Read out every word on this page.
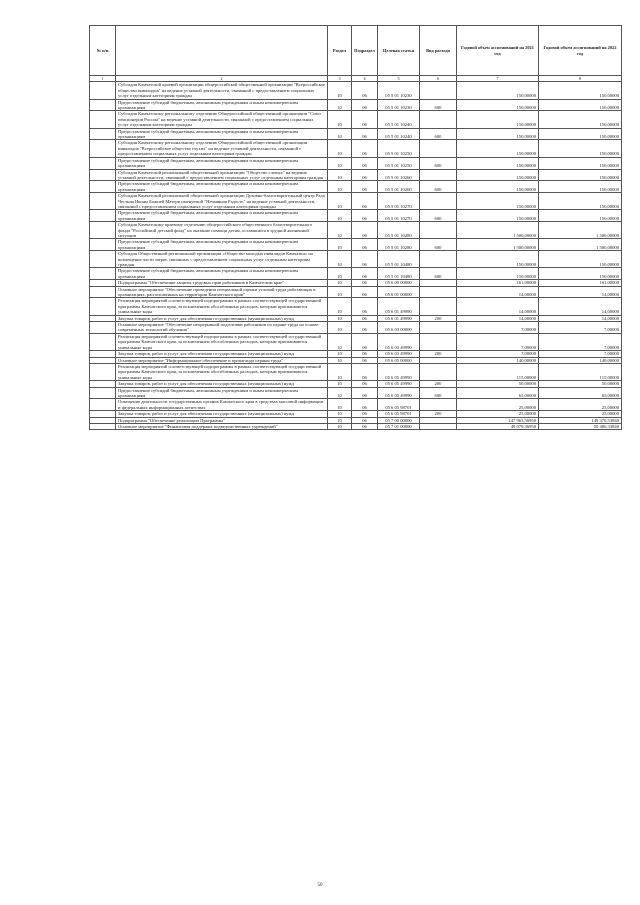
№ п/п		Раздел	Подраздел	Целевая статья	Вид расхода	Годовой объем ассигнований на 2021 год	Годовой объем ассигнований на 2022 год
1	2	3	4	5	6	7	8
	Субсидия Камчатской краевой организации общероссийской общественной организации "Всероссийское общество инвалидов" на ведение уставной деятельности, связанной с предоставлением социальных услуг отдельным категориям граждан	10	06	05 5 01 10230		150,00000	150,00000
	Предоставление субсидий бюджетным, автономным учреждениям и иным некоммерческим организациям	10	06	05 5 01 10230	600	150,00000	150,00000
	Субсидия Камчатскому региональному отделению Общероссийской общественной организации "Союз пенсионеров России" на ведение уставной деятельности, связанной с предоставлением социальных услуг отдельным категориям граждан	10	06	05 5 01 10240		150,00000	150,00000
	Предоставление субсидий бюджетным, автономным учреждениям и иным некоммерческим организациям	10	06	05 5 01 10240	600	150,00000	150,00000
	Субсидия Камчатскому региональному отделению Общероссийской общественной организации инвалидов "Всероссийское общество глухих" на ведение уставной деятельности, связанной с предоставлением социальных услуг отдельным категориям граждан	10	06	05 5 01 10250		150,00000	150,00000
	Предоставление субсидий бюджетным, автономным учреждениям и иным некоммерческим организациям	10	06	05 5 01 10250	600	150,00000	150,00000
	Субсидия Камчатской региональной общественной организации "Общество слепых" на ведение уставной деятельности, связанной с предоставлением социальных услуг отдельным категориям граждан	10	06	05 5 01 10260		150,00000	150,00000
	Предоставление субсидий бюджетным, автономным учреждениям и иным некоммерческим организациям	10	06	05 5 01 10260	600	150,00000	150,00000
	Субсидия Камчатской региональной общественной организации Духовно-благотворительный центр Рада Честная Иконы Божией Матери именуемой "Нечаянная Радость" на ведение уставной деятельности, связанной с предоставлением социальных услуг отдельным категориям граждан	10	06	05 5 01 10270		150,00000	150,00000
	Предоставление субсидий бюджетным, автономным учреждениям и иным некоммерческим организациям	10	06	05 5 01 10270	600	150,00000	150,00000
	Субсидия Камчатскому краевому отделению общероссийского общественного благотворительного фонда "Российский детский фонд" на оказание помощи детям, оставшимся в трудной жизненной ситуации	10	06	05 5 01 10280		1 500,00000	1 500,00000
	Предоставление субсидий бюджетным, автономным учреждениям и иным некоммерческим организациям	10	06	05 5 01 10280	600	1 500,00000	1 500,00000
	Субсидия Общественной региональной организации «Общество молодых инвалидов Камчатки» на возмещение части затрат, связанных с предоставлением социальных услуг отдельным категориям граждан	10	06	05 5 01 10480		150,00000	150,00000
	Предоставление субсидий бюджетным, автономным учреждениям и иным некоммерческим организациям	10	06	05 5 01 10480	600	150,00000	150,00000
	Подпрограмма "Обеспечение защиты трудовых прав работников в Камчатском крае"	10	06	05 6 00 00000		161,00000	161,00000
	Основное мероприятие "Обеспечение проведения специальной оценки условий труда работающих в организациях, расположенных на территории Камчатского края"	10	06	05 6 01 00000		14,00000	14,00000
	Реализация мероприятий соответствующей подпрограммы в рамках соответствующей государственной программы Камчатского края, за исключением обособленных расходов, которым присваиваются уникальные коды	10	06	05 6 01 49990		14,00000	14,00000
	Закупка товаров, работ и услуг для обеспечения государственных (муниципальных) нужд	10	06	05 6 01 49990	200	14,00000	14,00000
	Основное мероприятие "Обеспечение непрерывной подготовки работников по охране труда на основе современных технологий обучения"	10	06	05 6 03 00000		7,00000	7,00000
	Реализация мероприятий соответствующей подпрограммы в рамках соответствующей государственной программы Камчатского края, за исключением обособленных расходов, которым присваиваются уникальные коды	10	06	05 6 03 49990		7,00000	7,00000
	Закупка товаров, работ и услуг для обеспечения государственных (муниципальных) нужд	10	06	05 6 03 49990	200	7,00000	7,00000
	Основное мероприятие "Информационное обеспечение и пропаганда охраны труда"	10	06	05 6 05 00000		140,00000	140,00000
	Реализация мероприятий соответствующей подпрограммы в рамках соответствующей государственной программы Камчатского края, за исключением обособленных расходов, которым присваиваются уникальные коды	10	06	05 6 05 49990		115,00000	115,00000
	Закупка товаров, работ и услуг для обеспечения государственных (муниципальных) нужд	10	06	05 6 05 49990	200	50,00000	50,00000
	Предоставление субсидий бюджетным, автономным учреждениям и иным некоммерческим организациям	10	06	05 6 05 49990	600	65,00000	65,00000
	Освещение деятельности государственных органов Камчатского края в средствах массовой информации и федеральных информационных агентствах	10	06	05 6 05 98701		25,00000	25,00000
	Закупка товаров, работ и услуг для обеспечения государственных (муниципальных) нужд	10	06	05 6 05 98701	200	25,00000	25,00000
	Подпрограмма "Обеспечение реализации Программы"	10	06	05 7 00 00000		147 963,56950	149 370,53840
	Основное мероприятие "Финансовая поддержка подведомственных учреждений"	10	06	05 7 01 00000		49 079,36950	50 486,33840
50
